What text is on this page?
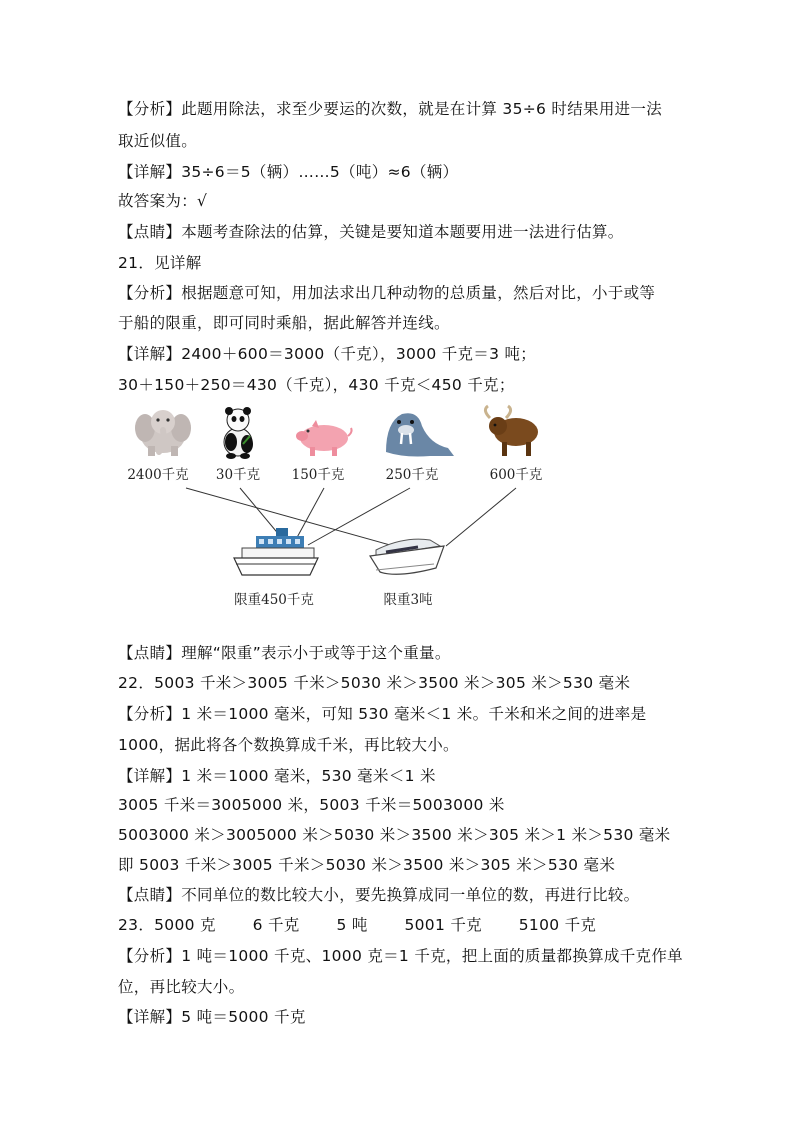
【分析】此题用除法，求至少要运的次数，就是在计算 35÷6 时结果用进一法
取近似值。
【详解】35÷6＝5（辆）……5（吨）≈6（辆）
故答案为：√
【点睛】本题考查除法的估算，关键是要知道本题要用进一法进行估算。
21．见详解
【分析】根据题意可知，用加法求出几种动物的总质量，然后对比，小于或等
于船的限重，即可同时乘船，据此解答并连线。
【详解】2400＋600＝3000（千克），3000 千克＝3 吨；
30＋150＋250＝430（千克），430 千克＜450 千克；
2400千克 30千克 150千克	250千克	600千克
限重450千克	限重3吨
【点睛】理解“限重”表示小于或等于这个重量。
22．5003 千米＞3005 千米＞5030 米＞3500 米＞305 米＞530 毫米
【分析】1 米＝1000 毫米，可知 530 毫米＜1 米。千米和米之间的进率是
1000，据此将各个数换算成千米，再比较大小。
【详解】1 米＝1000 毫米，530 毫米＜1 米
3005 千米＝3005000 米，5003 千米＝5003000 米
5003000 米＞3005000 米＞5030 米＞3500 米＞305 米＞1 米＞530 毫米
即 5003 千米＞3005 千米＞5030 米＞3500 米＞305 米＞530 毫米
【点睛】不同单位的数比较大小，要先换算成同一单位的数，再进行比较。
23．5000 克　　 6 千克　　 5 吨　　 5001 千克　　 5100 千克
【分析】1 吨＝1000 千克、1000 克＝1 千克，把上面的质量都换算成千克作单
位，再比较大小。
【详解】5 吨＝5000 千克
